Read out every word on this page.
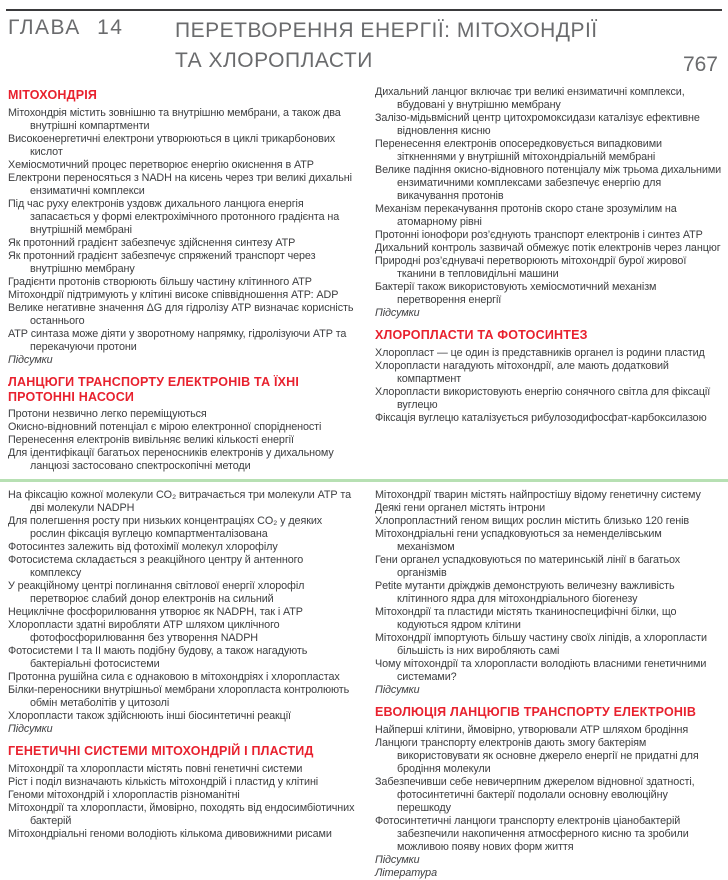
ГЛАВА 14	ПЕРЕТВОРЕННЯ ЕНЕРГІЇ: МІТОХОНДРІЇ ТА ХЛОРОПЛАСТИ	767
МІТОХОНДРІЯ
Мітохондрія містить зовнішню та внутрішню мембрани, а також два внутрішні компартменти
Високоенергетичні електрони утворюються в циклі трикарбонових кислот
Хеміосмотичний процес перетворює енергію окиснення в АТР
Електрони переносяться з NADH на кисень через три великі дихальні ензиматичні комплекси
Під час руху електронів уздовж дихального ланцюга енергія запасається у формі електрохімічного протонного градієнта на внутрішній мембрані
Як протонний градієнт забезпечує здійснення синтезу АТР
Як протонний градієнт забезпечує спряжений транспорт через внутрішню мембрану
Градієнти протонів створюють більшу частину клітинного АТР
Мітохондрії підтримують у клітині високе співвідношення АТР: ADP
Велике негативне значення ΔG для гідролізу АТР визначає корисність останнього
АТР синтаза може діяти у зворотному напрямку, гідролізуючи АТР та перекачуючи протони
Підсумки
ЛАНЦЮГИ ТРАНСПОРТУ ЕЛЕКТРОНІВ ТА ЇХНІ ПРОТОННІ НАСОСИ
Протони незвично легко переміщуються
Окисно-відновний потенціал є мірою електронної спорідненості
Перенесення електронів вивільняє великі кількості енергії
Для ідентифікації багатьох переносників електронів у дихальному ланцюзі застосовано спектроскопічні методи
Дихальний ланцюг включає три великі ензиматичні комплекси, вбудовані у внутрішню мембрану
Залізо-мідьвмісний центр цитохромоксидази каталізує ефективне відновлення кисню
Перенесення електронів опосередковується випадковими зіткненнями у внутрішній мітохондріальній мембрані
Велике падіння окисно-відновного потенціалу між трьома дихальними ензиматичними комплексами забезпечує енергію для викачування протонів
Механізм перекачування протонів скоро стане зрозумілим на атомарному рівні
Протонні іонофори роз’єднують транспорт електронів і синтез АТР
Дихальний контроль зазвичай обмежує потік електронів через ланцюг
Природні роз’єднувачі перетворюють мітохондрії бурої жирової тканини в тепловидільні машини
Бактерії також використовують хеміосмотичний механізм перетворення енергії
Підсумки
ХЛОРОПЛАСТИ ТА ФОТОСИНТЕЗ
Хлоропласт — це один із представників органел із родини пластид
Хлоропласти нагадують мітохондрії, але мають додатковий компартмент
Хлоропласти використовують енергію сонячного світла для фіксації вуглецю
Фіксація вуглецю каталізується рибулозодифосфат-карбоксилазою
На фіксацію кожної молекули CO₂ витрачається три молекули АТР та дві молекули NADPH
Для полегшення росту при низьких концентраціях CO₂ у деяких рослин фіксація вуглецю компартменталізована
Фотосинтез залежить від фотохімії молекул хлорофілу
Фотосистема складається з реакційного центру й антенного комплексу
У реакційному центрі поглинання світлової енергії хлорофіл перетворює слабий донор електронів на сильний
Нециклічне фосфорилювання утворює як NADPH, так і АТР
Хлоропласти здатні виробляти АТР шляхом циклічного фотофосфорилювання без утворення NADPH
Фотосистеми І та ІІ мають подібну будову, а також нагадують бактеріальні фотосистеми
Протонна рушійна сила є однаковою в мітохондріях і хлоропластах
Білки-переносники внутрішньої мембрани хлоропласта контролюють обмін метаболітів у цитозолі
Хлоропласти також здійснюють інші біосинтетичні реакції
Підсумки
ГЕНЕТИЧНІ СИСТЕМИ МІТОХОНДРІЙ І ПЛАСТИД
Мітохондрії та хлоропласти містять повні генетичні системи
Ріст і поділ визначають кількість мітохондрій і пластид у клітині
Геноми мітохондрій і хлоропластів різноманітні
Мітохондрії та хлоропласти, ймовірно, походять від ендосимбіотичних бактерій
Мітохондріальні геноми володіють кількома дивовижними рисами
Мітохондрії тварин містять найпростішу відому генетичну систему
Деякі гени органел містять інтрони
Хлопропластний геном вищих рослин містить близько 120 генів
Мітохондріальні гени успадковуються за неменделівським механізмом
Гени органел успадковуються по материнській лінії в багатьох організмів
Petite мутанти дріжджів демонструють величезну важливість клітинного ядра для мітохондріального біогенезу
Мітохондрії та пластиди містять тканиноспецифічні білки, що кодуються ядром клітини
Мітохондрії імпортують більшу частину своїх ліпідів, а хлоропласти більшість із них виробляють самі
Чому мітохондрії та хлоропласти володіють власними генетичними системами?
Підсумки
ЕВОЛЮЦІЯ ЛАНЦЮГІВ ТРАНСПОРТУ ЕЛЕКТРОНІВ
Найперші клітини, ймовірно, утворювали АТР шляхом бродіння
Ланцюги транспорту електронів дають змогу бактеріям використовувати як основне джерело енергії не придатні для бродіння молекули
Забезпечивши себе невичерпним джерелом відновної здатності, фотосинтетичні бактерії подолали основну еволюційну перешкоду
Фотосинтетичні ланцюги транспорту електронів ціанобактерій забезпечили накопичення атмосферного кисню та зробили можливою появу нових форм життя
Підсумки
Література
